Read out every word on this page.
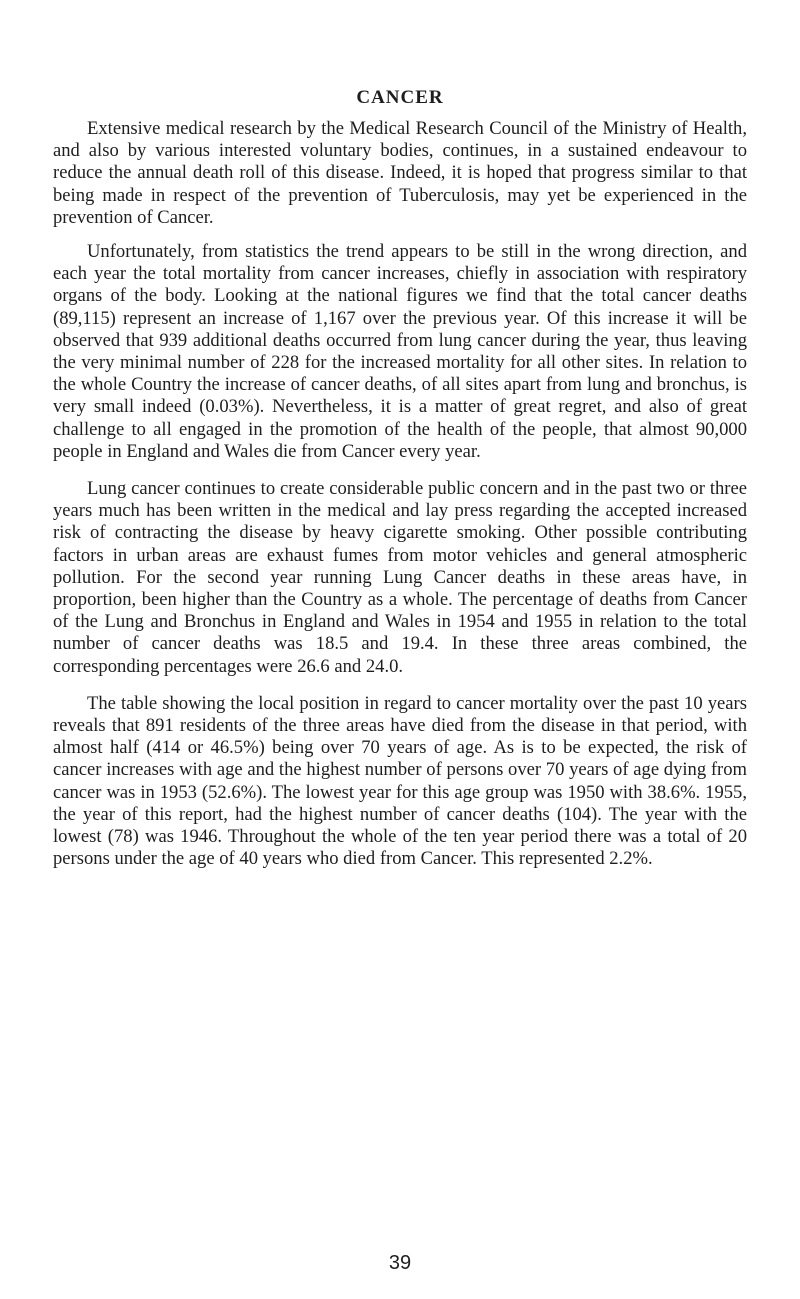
CANCER

Extensive medical research by the Medical Research Council of the Ministry of Health, and also by various interested voluntary bodies, continues, in a sustained endeavour to reduce the annual death roll of this disease. Indeed, it is hoped that progress similar to that being made in respect of the prevention of Tuberculosis, may yet be experienced in the prevention of Cancer.

Unfortunately, from statistics the trend appears to be still in the wrong direction, and each year the total mortality from cancer increases, chiefly in association with respiratory organs of the body. Looking at the national figures we find that the total cancer deaths (89,115) represent an increase of 1,167 over the previous year. Of this increase it will be observed that 939 additional deaths occurred from lung cancer during the year, thus leaving the very minimal number of 228 for the increased mortality for all other sites. In relation to the whole Country the increase of cancer deaths, of all sites apart from lung and bronchus, is very small indeed (0.03%). Nevertheless, it is a matter of great regret, and also of great challenge to all engaged in the promotion of the health of the people, that almost 90,000 people in England and Wales die from Cancer every year.

Lung cancer continues to create considerable public concern and in the past two or three years much has been written in the medical and lay press regarding the accepted increased risk of contracting the disease by heavy cigarette smoking. Other possible contributing factors in urban areas are exhaust fumes from motor vehicles and general atmospheric pollution. For the second year running Lung Cancer deaths in these areas have, in proportion, been higher than the Country as a whole. The percentage of deaths from Cancer of the Lung and Bronchus in England and Wales in 1954 and 1955 in relation to the total number of cancer deaths was 18.5 and 19.4. In these three areas combined, the corresponding percentages were 26.6 and 24.0.

The table showing the local position in regard to cancer mortality over the past 10 years reveals that 891 residents of the three areas have died from the disease in that period, with almost half (414 or 46.5%) being over 70 years of age. As is to be expected, the risk of cancer increases with age and the highest number of persons over 70 years of age dying from cancer was in 1953 (52.6%). The lowest year for this age group was 1950 with 38.6%. 1955, the year of this report, had the highest number of cancer deaths (104). The year with the lowest (78) was 1946. Throughout the whole of the ten year period there was a total of 20 persons under the age of 40 years who died from Cancer. This represented 2.2%.

39
